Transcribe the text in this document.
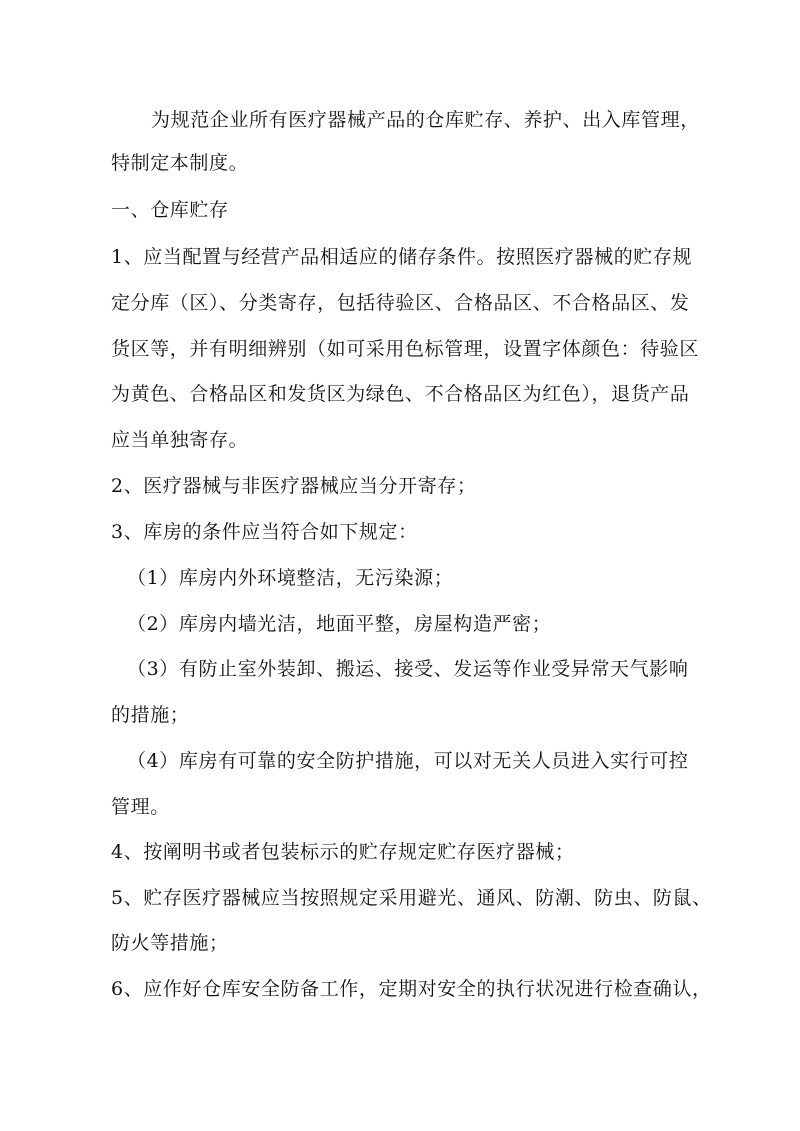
为规范企业所有医疗器械产品的仓库贮存、养护、出入库管理，
特制定本制度。
一、仓库贮存
1、应当配置与经营产品相适应的储存条件。按照医疗器械的贮存规
定分库（区）、分类寄存，包括待验区、合格品区、不合格品区、发
货区等，并有明细辨别（如可采用色标管理，设置字体颜色：待验区
为黄色、合格品区和发货区为绿色、不合格品区为红色），退货产品
应当单独寄存。
2、医疗器械与非医疗器械应当分开寄存；
3、库房的条件应当符合如下规定：
（1）库房内外环境整洁，无污染源；
（2）库房内墙光洁，地面平整，房屋构造严密；
（3）有防止室外装卸、搬运、接受、发运等作业受异常天气影响
的措施；
（4）库房有可靠的安全防护措施，可以对无关人员进入实行可控
管理。
4、按阐明书或者包装标示的贮存规定贮存医疗器械；
5、贮存医疗器械应当按照规定采用避光、通风、防潮、防虫、防鼠、
防火等措施；
6、应作好仓库安全防备工作，定期对安全的执行状况进行检查确认，
